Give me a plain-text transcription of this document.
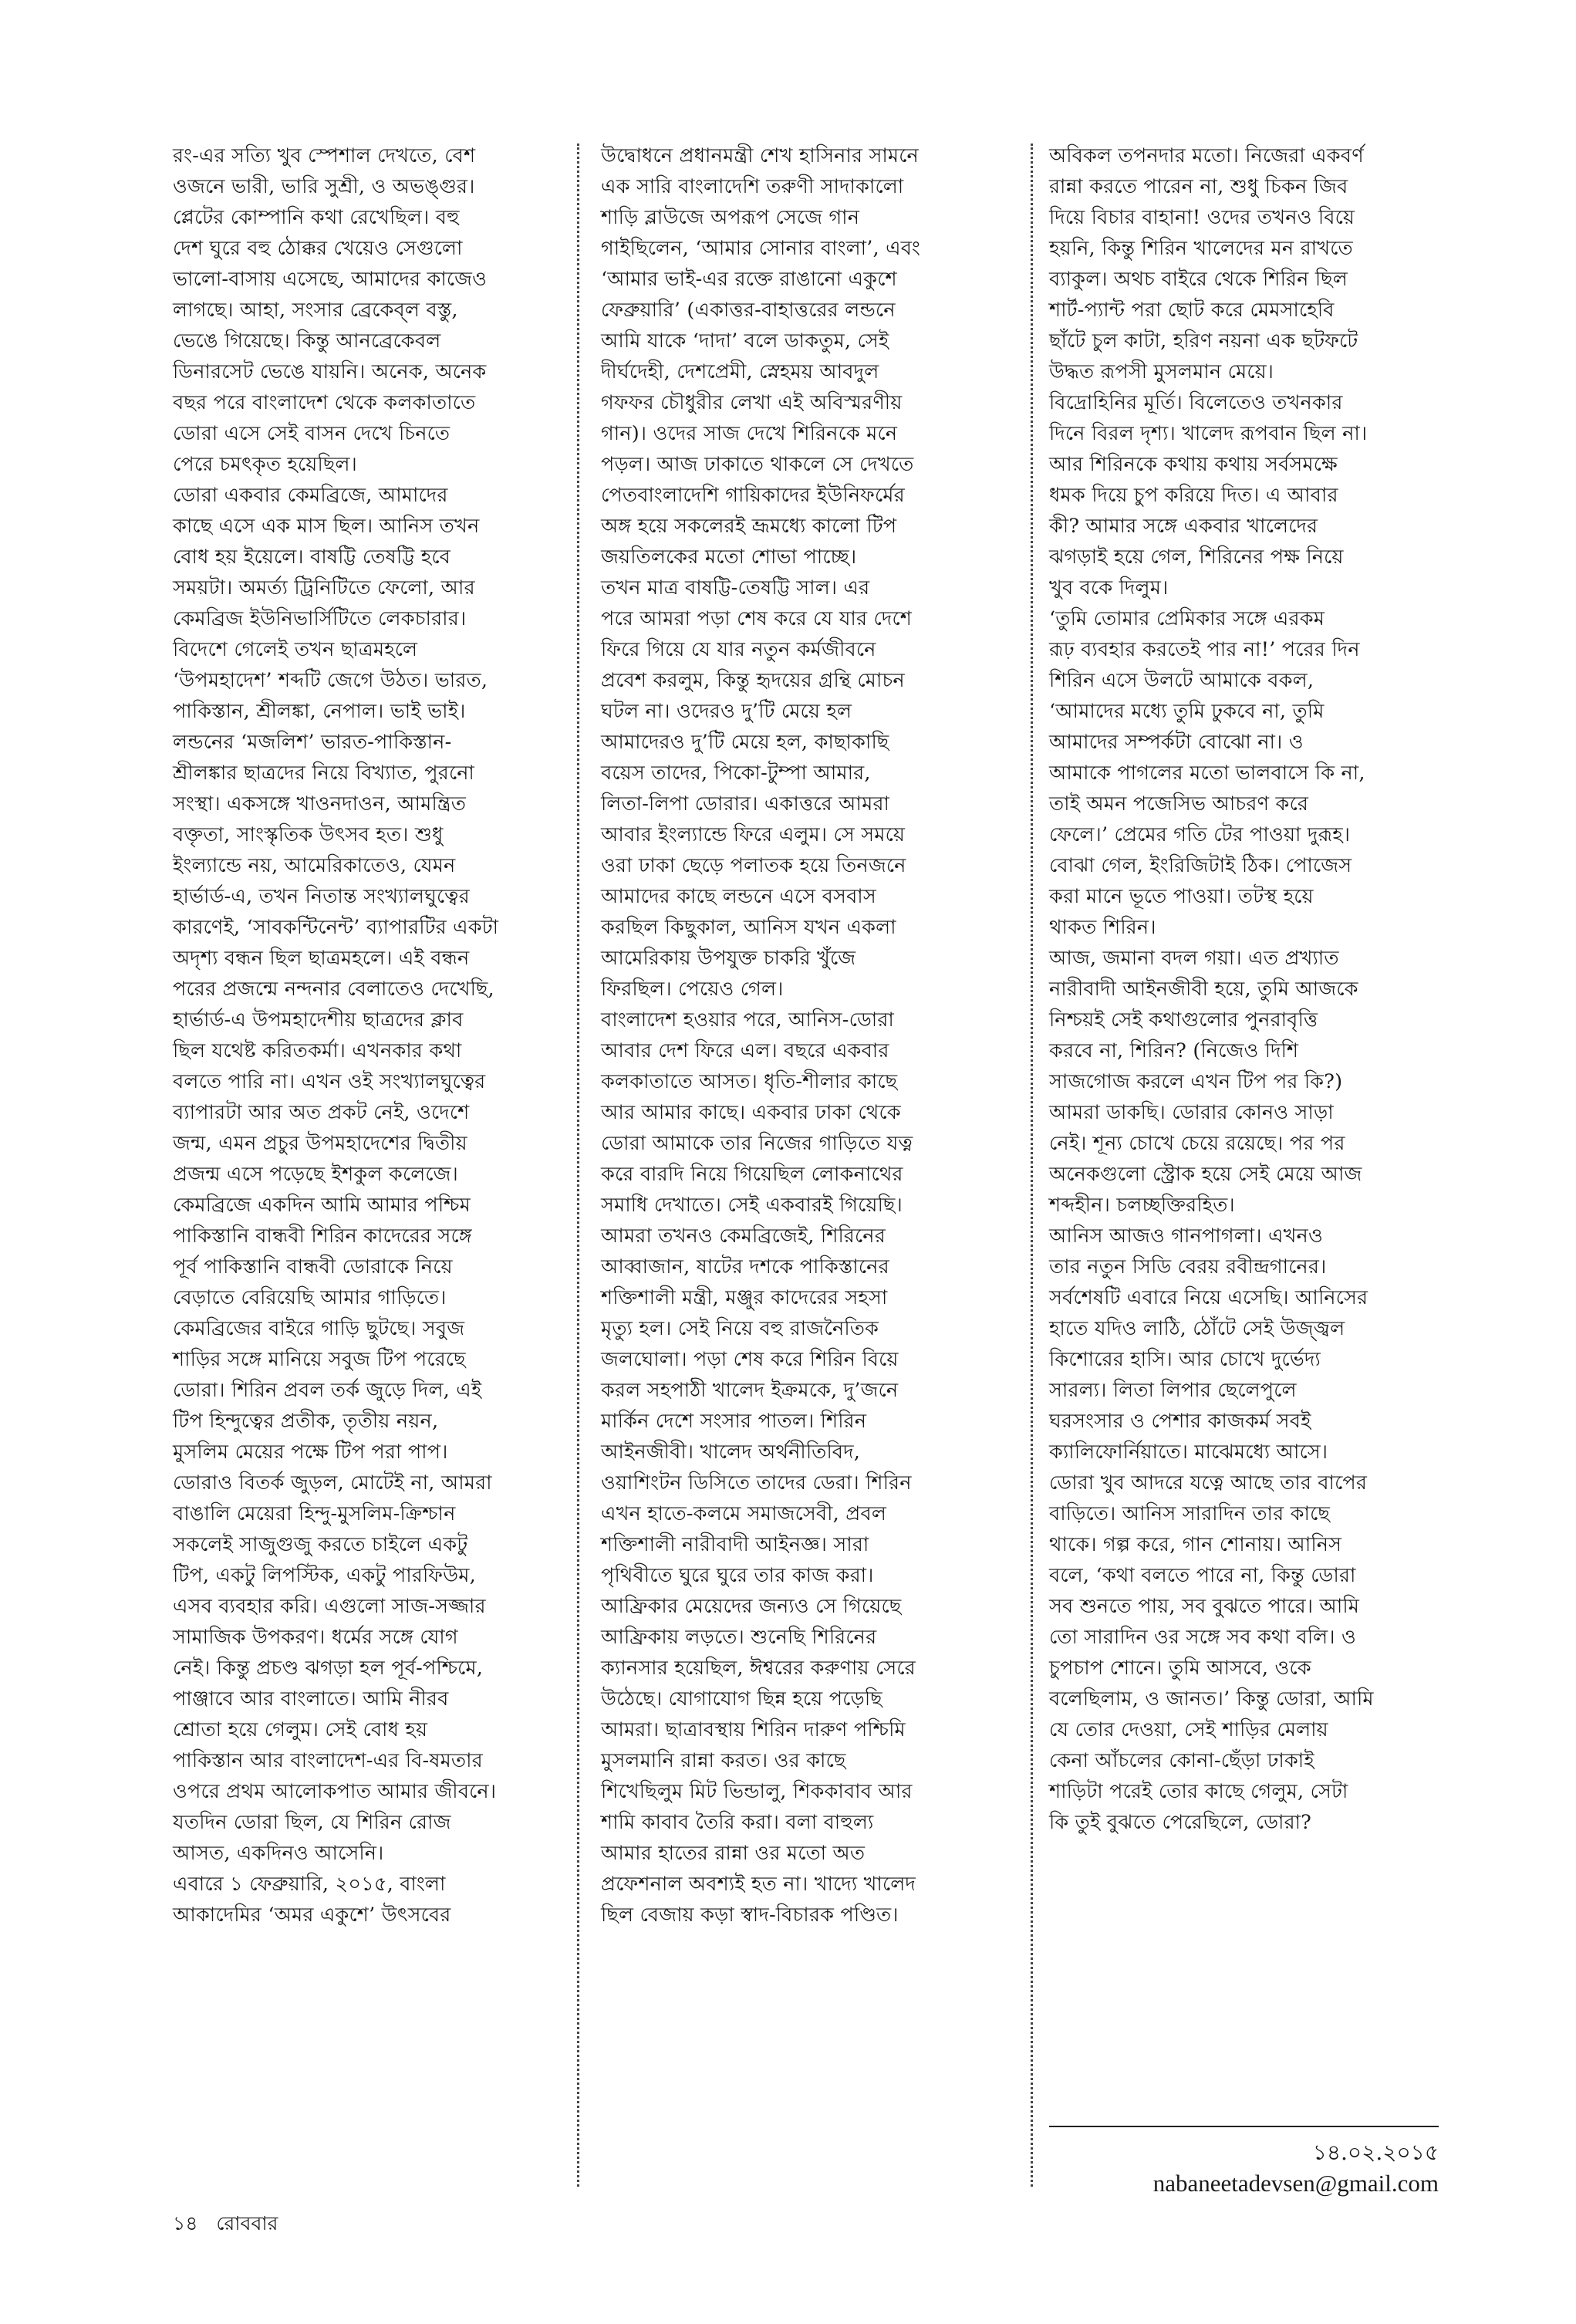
রং-এর সত্যি খুব স্পেশাল দেখতে, বেশ

ওজনে ভারী, ভারি সুশ্রী, ও অভঙ্গুর।

প্লেটের কোম্পানি কথা রেখেছিল। বহু

দেশ ঘুরে বহু ঠোক্কর খেয়েও সেগুলো

ভালো-বাসায় এসেছে, আমাদের কাজেও

লাগছে। আহা, সংসার ব্রেকেব্‌ল বস্তু,

ভেঙে গিয়েছে। কিন্তু আনব্রেকেবল

ডিনারসেট ভেঙে যায়নি। অনেক, অনেক

বছর পরে বাংলাদেশ থেকে কলকাতাতে

ডোরা এসে সেই বাসন দেখে চিনতে

পেরে চমৎকৃত হয়েছিল।

ডোরা একবার কেমব্রিজে, আমাদের

কাছে এসে এক মাস ছিল। আনিস তখন

বোধ হয় ইয়েলে। বাষট্টি তেষট্টি হবে

সময়টা। অমর্ত্য ট্রিনিটিতে ফেলো, আর

কেমব্রিজ ইউনিভার্সিটিতে লেকচারার।

বিদেশে গেলেই তখন ছাত্রমহলে

‘উপমহাদেশ’ শব্দটি জেগে উঠত। ভারত,

পাকিস্তান, শ্রীলঙ্কা, নেপাল। ভাই ভাই।

লন্ডনের ‘মজলিশ’ ভারত-পাকিস্তান-

শ্রীলঙ্কার ছাত্রদের নিয়ে বিখ্যাত, পুরনো

সংস্থা। একসঙ্গে খাওনদাওন, আমন্ত্রিত

বক্তৃতা, সাংস্কৃতিক উৎসব হত। শুধু

ইংল্যান্ডে নয়, আমেরিকাতেও, যেমন

হার্ভার্ড-এ, তখন নিতান্ত সংখ্যালঘুত্বের

কারণেই, ‘সাবকন্টিনেন্ট’ ব্যাপারটির একটা

অদৃশ্য বন্ধন ছিল ছাত্রমহলে। এই বন্ধন

পরের প্রজন্মে নন্দনার বেলাতেও দেখেছি,

হার্ভার্ড-এ উপমহাদেশীয় ছাত্রদের ক্লাব

ছিল যথেষ্ট করিতকর্মা। এখনকার কথা

বলতে পারি না। এখন ওই সংখ্যালঘুত্বের

ব্যাপারটা আর অত প্রকট নেই, ওদেশে

জন্ম, এমন প্রচুর উপমহাদেশের দ্বিতীয়

প্রজন্ম এসে পড়েছে ইশকুল কলেজে।

কেমব্রিজে একদিন আমি আমার পশ্চিম

পাকিস্তানি বান্ধবী শিরিন কাদেরের সঙ্গে

পূর্ব পাকিস্তানি বান্ধবী ডোরাকে নিয়ে

বেড়াতে বেরিয়েছি আমার গাড়িতে।

কেমব্রিজের বাইরে গাড়ি ছুটছে। সবুজ

শাড়ির সঙ্গে মানিয়ে সবুজ টিপ পরেছে

ডোরা। শিরিন প্রবল তর্ক জুড়ে দিল, এই

টিপ হিন্দুত্বের প্রতীক, তৃতীয় নয়ন,

মুসলিম মেয়ের পক্ষে টিপ পরা পাপ।

ডোরাও বিতর্ক জুড়ল, মোটেই না, আমরা

বাঙালি মেয়েরা হিন্দু-মুসলিম-ক্রিশ্চান

সকলেই সাজুগুজু করতে চাইলে একটু

টিপ, একটু লিপস্টিক, একটু পারফিউম,

এসব ব্যবহার করি। এগুলো সাজ-সজ্জার

সামাজিক উপকরণ। ধর্মের সঙ্গে যোগ

নেই। কিন্তু প্রচণ্ড ঝগড়া হল পূর্ব-পশ্চিমে,

পাঞ্জাবে আর বাংলাতে। আমি নীরব

শ্রোতা হয়ে গেলুম। সেই বোধ হয়

পাকিস্তান আর বাংলাদেশ-এর বি-ষমতার

ওপরে প্রথম আলোকপাত আমার জীবনে।

যতদিন ডোরা ছিল, যে শিরিন রোজ

আসত, একদিনও আসেনি।

এবারে ১ ফেব্রুয়ারি, ২০১৫, বাংলা

আকাদেমির ‘অমর একুশে’ উৎসবের

উদ্বোধনে প্রধানমন্ত্রী শেখ হাসিনার সামনে

এক সারি বাংলাদেশি তরুণী সাদাকালো

শাড়ি ব্লাউজে অপরূপ সেজে গান

গাইছিলেন, ‘আমার সোনার বাংলা’, এবং

‘আমার ভাই-এর রক্তে রাঙানো একুশে

ফেব্রুয়ারি’ (একাত্তর-বাহাত্তরের লন্ডনে

আমি যাকে ‘দাদা’ বলে ডাকতুম, সেই

দীর্ঘদেহী, দেশপ্রেমী, স্নেহময় আবদুল

গফফর চৌধুরীর লেখা এই অবিস্মরণীয়

গান)। ওদের সাজ দেখে শিরিনকে মনে

পড়ল। আজ ঢাকাতে থাকলে সে দেখতে

পেতবাংলাদেশি গায়িকাদের ইউনিফর্মের

অঙ্গ হয়ে সকলেরই ভ্রূমধ্যে কালো টিপ

জয়তিলকের মতো শোভা পাচ্ছে।

তখন মাত্র বাষট্টি-তেষট্টি সাল। এর

পরে আমরা পড়া শেষ করে যে যার দেশে

ফিরে গিয়ে যে যার নতুন কর্মজীবনে

প্রবেশ করলুম, কিন্তু হৃদয়ের গ্রন্থি মোচন

ঘটল না। ওদেরও দু’টি মেয়ে হল

আমাদেরও দু’টি মেয়ে হল, কাছাকাছি

বয়েস তাদের, পিকো-টুম্পা আমার,

লিতা-লিপা ডোরার। একাত্তরে আমরা

আবার ইংল্যান্ডে ফিরে এলুম। সে সময়ে

ওরা ঢাকা ছেড়ে পলাতক হয়ে তিনজনে

আমাদের কাছে লন্ডনে এসে বসবাস

করছিল কিছুকাল, আনিস যখন একলা

আমেরিকায় উপযুক্ত চাকরি খুঁজে

ফিরছিল। পেয়েও গেল।

বাংলাদেশ হওয়ার পরে, আনিস-ডোরা

আবার দেশ ফিরে এল। বছরে একবার

কলকাতাতে আসত। ধৃতি-শীলার কাছে

আর আমার কাছে। একবার ঢাকা থেকে

ডোরা আমাকে তার নিজের গাড়িতে যত্ন

করে বারদি নিয়ে গিয়েছিল লোকনাথের

সমাধি দেখাতে। সেই একবারই গিয়েছি।

আমরা তখনও কেমব্রিজেই, শিরিনের

আব্বাজান, ষাটের দশকে পাকিস্তানের

শক্তিশালী মন্ত্রী, মঞ্জুর কাদেরের সহসা

মৃত্যু হল। সেই নিয়ে বহু রাজনৈতিক

জলঘোলা। পড়া শেষ করে শিরিন বিয়ে

করল সহপাঠী খালেদ ইক্রমকে, দু’জনে

মার্কিন দেশে সংসার পাতল। শিরিন

আইনজীবী। খালেদ অর্থনীতিবিদ,

ওয়াশিংটন ডিসিতে তাদের ডেরা। শিরিন

এখন হাতে-কলমে সমাজসেবী, প্রবল

শক্তিশালী নারীবাদী আইনজ্ঞ। সারা

পৃথিবীতে ঘুরে ঘুরে তার কাজ করা।

আফ্রিকার মেয়েদের জন্যও সে গিয়েছে

আফ্রিকায় লড়তে। শুনেছি শিরিনের

ক্যানসার হয়েছিল, ঈশ্বরের করুণায় সেরে

উঠেছে। যোগাযোগ ছিন্ন হয়ে পড়েছি

আমরা। ছাত্রাবস্থায় শিরিন দারুণ পশ্চিমি

মুসলমানি রান্না করত। ওর কাছে

শিখেছিলুম মিট ভিন্ডালু, শিককাবাব আর

শামি কাবাব তৈরি করা। বলা বাহুল্য

আমার হাতের রান্না ওর মতো অত

প্রফেশনাল অবশ্যই হত না। খাদ্যে খালেদ

ছিল বেজায় কড়া স্বাদ-বিচারক পণ্ডিত।

অবিকল তপনদার মতো। নিজেরা একবর্ণ

রান্না করতে পারেন না, শুধু চিকন জিব

দিয়ে বিচার বাহানা! ওদের তখনও বিয়ে

হয়নি, কিন্তু শিরিন খালেদের মন রাখতে

ব্যাকুল। অথচ বাইরে থেকে শিরিন ছিল

শার্ট-প্যান্ট পরা ছোট করে মেমসাহেবি

ছাঁটে চুল কাটা, হরিণ নয়না এক ছটফটে

উদ্ধত রূপসী মুসলমান মেয়ে।

বিদ্রোহিনির মূর্তি। বিলেতেও তখনকার

দিনে বিরল দৃশ্য। খালেদ রূপবান ছিল না।

আর শিরিনকে কথায় কথায় সর্বসমক্ষে

ধমক দিয়ে চুপ করিয়ে দিত। এ আবার

কী? আমার সঙ্গে একবার খালেদের

ঝগড়াই হয়ে গেল, শিরিনের পক্ষ নিয়ে

খুব বকে দিলুম।

‘তুমি তোমার প্রেমিকার সঙ্গে এরকম

রূঢ় ব্যবহার করতেই পার না!’ পরের দিন

শিরিন এসে উলটে আমাকে বকল,

‘আমাদের মধ্যে তুমি ঢুকবে না, তুমি

আমাদের সম্পর্কটা বোঝো না। ও

আমাকে পাগলের মতো ভালবাসে কি না,

তাই অমন পজেসিভ আচরণ করে

ফেলে।’ প্রেমের গতি টের পাওয়া দুরূহ।

বোঝা গেল, ইংরিজিটাই ঠিক। পোজেস

করা মানে ভূতে পাওয়া। তটস্থ হয়ে

থাকত শিরিন।

আজ, জমানা বদল গয়া। এত প্রখ্যাত

নারীবাদী আইনজীবী হয়ে, তুমি আজকে

নিশ্চয়ই সেই কথাগুলোর পুনরাবৃত্তি

করবে না, শিরিন? (নিজেও দিশি

সাজগোজ করলে এখন টিপ পর কি?)

আমরা ডাকছি। ডোরার কোনও সাড়া

নেই। শূন্য চোখে চেয়ে রয়েছে। পর পর

অনেকগুলো স্ট্রোক হয়ে সেই মেয়ে আজ

শব্দহীন। চলচ্ছক্তিরহিত।

আনিস আজও গানপাগলা। এখনও

তার নতুন সিডি বেরয় রবীন্দ্রগানের।

সর্বশেষটি এবারে নিয়ে এসেছি। আনিসের

হাতে যদিও লাঠি, ঠোঁটে সেই উজ্জ্বল

কিশোরের হাসি। আর চোখে দুর্ভেদ্য

সারল্য। লিতা লিপার ছেলেপুলে

ঘরসংসার ও পেশার কাজকর্ম সবই

ক্যালিফোর্নিয়াতে। মাঝেমধ্যে আসে।

ডোরা খুব আদরে যত্নে আছে তার বাপের

বাড়িতে। আনিস সারাদিন তার কাছে

থাকে। গল্প করে, গান শোনায়। আনিস

বলে, ‘কথা বলতে পারে না, কিন্তু ডোরা

সব শুনতে পায়, সব বুঝতে পারে। আমি

তো সারাদিন ওর সঙ্গে সব কথা বলি। ও

চুপচাপ শোনে। তুমি আসবে, ওকে

বলেছিলাম, ও জানত।’ কিন্তু ডোরা, আমি

যে তোর দেওয়া, সেই শাড়ির মেলায়

কেনা আঁচলের কোনা-ছেঁড়া ঢাকাই

শাড়িটা পরেই তোর কাছে গেলুম, সেটা

কি তুই বুঝতে পেরেছিলে, ডোরা?

১৪.০২.২০১৫
nabaneetadevsen@gmail.com
১৪ রোববার
